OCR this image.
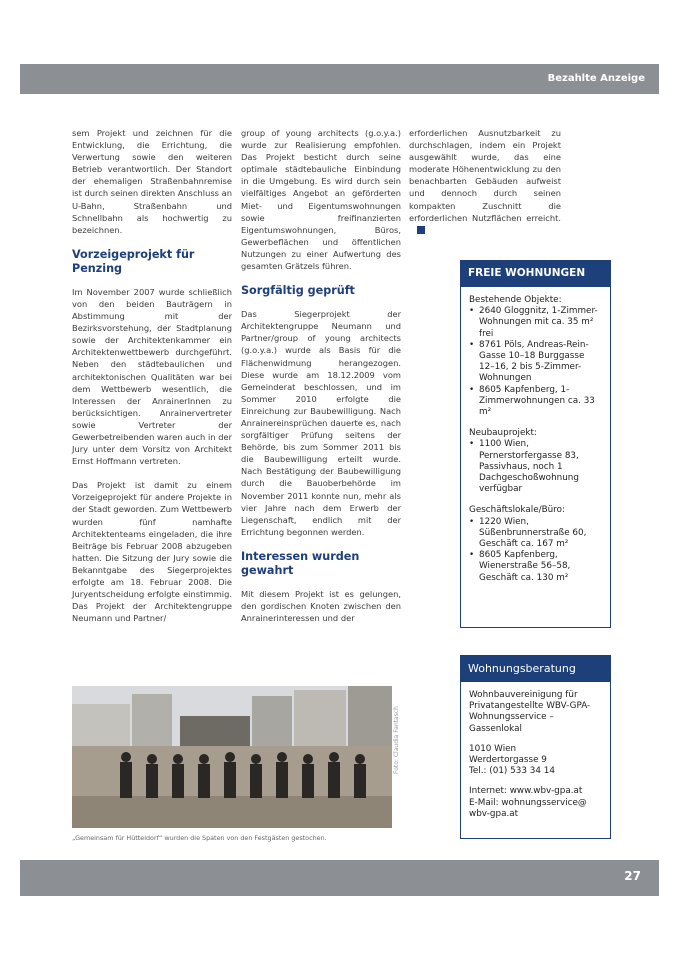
Bezahlte Anzeige

sem Projekt und zeichnen für die Entwicklung, die Errichtung, die Verwertung sowie den weiteren Betrieb verantwortlich. Der Standort der ehemaligen Straßenbahnremise ist durch seinen direkten Anschluss an U-Bahn, Straßenbahn und Schnellbahn als hochwertig zu bezeichnen.

Vorzeigeprojekt für Penzing

Im November 2007 wurde schließlich von den beiden Bauträgern in Abstimmung mit der Bezirksvorstehung, der Stadtplanung sowie der Architektenkammer ein Architektenwettbewerb durchgeführt. Neben den städtebaulichen und architektonischen Qualitäten war bei dem Wettbewerb wesentlich, die Interessen der AnrainerInnen zu berücksichtigen. Anrainervertreter sowie Vertreter der Gewerbetreibenden waren auch in der Jury unter dem Vorsitz von Architekt Ernst Hoffmann vertreten.

Das Projekt ist damit zu einem Vorzeigeprojekt für andere Projekte in der Stadt geworden. Zum Wettbewerb wurden fünf namhafte Architektenteams eingeladen, die ihre Beiträge bis Februar 2008 abzugeben hatten. Die Sitzung der Jury sowie die Bekanntgabe des Siegerprojektes erfolgte am 18. Februar 2008. Die Juryentscheidung erfolgte einstimmig. Das Projekt der Architektengruppe Neumann und Partner/

group of young architects (g.o.y.a.) wurde zur Realisierung empfohlen. Das Projekt besticht durch seine optimale städtebauliche Einbindung in die Umgebung. Es wird durch sein vielfältiges Angebot an geförderten Miet- und Eigentumswohnungen sowie freifinanzierten Eigentumswohnungen, Büros, Gewerbeflächen und öffentlichen Nutzungen zu einer Aufwertung des gesamten Grätzels führen.

Sorgfältig geprüft

Das Siegerprojekt der Architektengruppe Neumann und Partner/group of young architects (g.o.y.a.) wurde als Basis für die Flächenwidmung herangezogen. Diese wurde am 18.12.2009 vom Gemeinderat beschlossen, und im Sommer 2010 erfolgte die Einreichung zur Baubewilligung. Nach Anrainereinsprüchen dauerte es, nach sorgfältiger Prüfung seitens der Behörde, bis zum Sommer 2011 bis die Baubewilligung erteilt wurde. Nach Bestätigung der Baubewilligung durch die Bauoberbehörde im November 2011 konnte nun, mehr als vier Jahre nach dem Erwerb der Liegenschaft, endlich mit der Errichtung begonnen werden.

Interessen wurden gewahrt

Mit diesem Projekt ist es gelungen, den gordischen Knoten zwischen den Anrainerinteressen und der

erforderlichen Ausnutzbarkeit zu durchschlagen, indem ein Projekt ausgewählt wurde, das eine moderate Höhenentwicklung zu den benachbarten Gebäuden aufweist und dennoch durch seinen kompakten Zuschnitt die erforderlichen Nutzflächen erreicht.

FREIE WOHNUNGEN
Bestehende Objekte:
• 2640 Gloggnitz, 1-Zimmer-Wohnungen mit ca. 35 m² frei
• 8761 Pöls, Andreas-Rein-Gasse 10–18 Burggasse 12–16, 2 bis 5-Zimmer-Wohnungen
• 8605 Kapfenberg, 1-Zimmerwohnungen ca. 33 m²
Neubauprojekt:
• 1100 Wien, Pernerstorfergasse 83, Passivhaus, noch 1 Dachgeschoßwohnung verfügbar
Geschäftslokale/Büro:
• 1220 Wien, Süßenbrunnerstraße 60, Geschäft ca. 167 m²
• 8605 Kapfenberg, Wienerstraße 56–58, Geschäft ca. 130 m²
Wohnungsberatung

Wohnbauvereinigung für Privatangestellte WBV-GPA-Wohnungsservice – Gassenlokal

1010 Wien
Werdertorgasse 9
Tel.: (01) 533 34 14

Internet: www.wbv-gpa.at
E-Mail: wohnungsservice@ wbv-gpa.at

Foto: Claudia Fantasch
„Gemeinsam für Hütteldorf“ wurden die Spaten von den Festgästen gestochen.
27
